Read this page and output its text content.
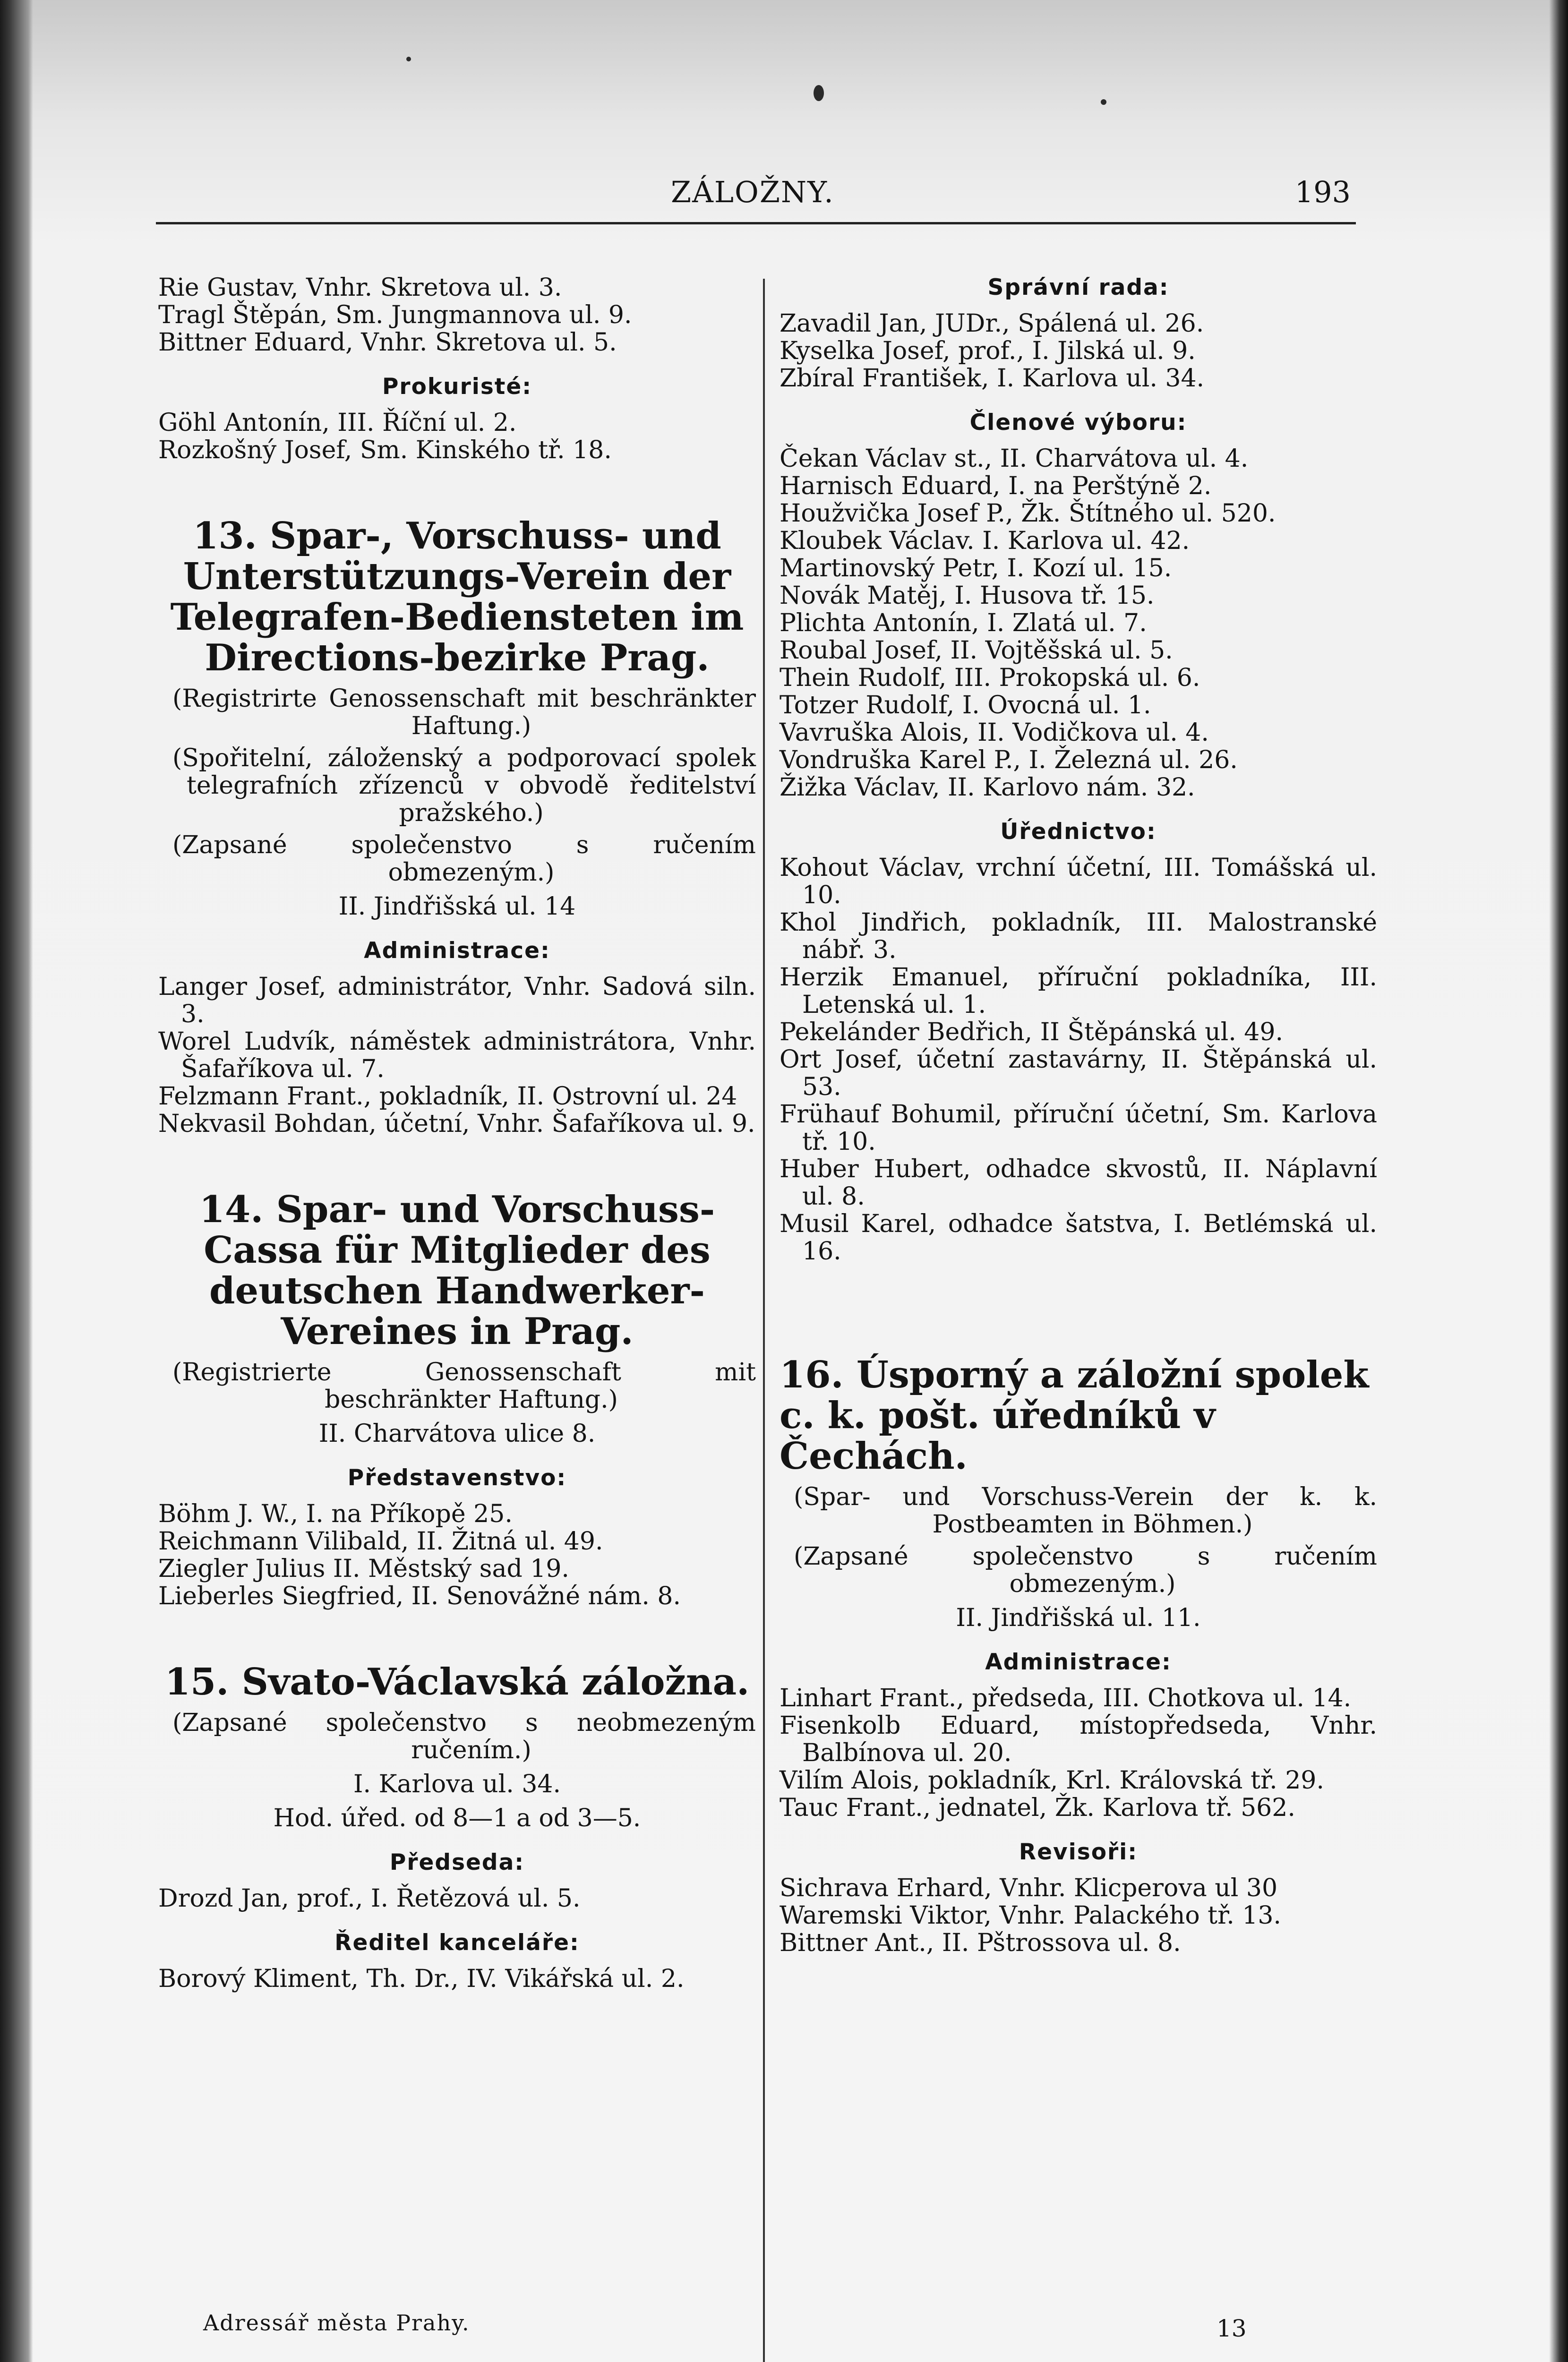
ZÁLOŽNY.	193

Rie Gustav, Vnhr. Skretova ul. 3.

Tragl Štěpán, Sm. Jungmannova ul. 9.

Bittner Eduard, Vnhr. Skretova ul. 5.

Prokuristé:

Göhl Antonín, III. Říční ul. 2.

Rozkošný Josef, Sm. Kinského tř. 18.

13. Spar-, Vorschuss- und Unterstützungs-Verein der Telegrafen-Bediensteten im Directions-bezirke Prag.

(Registrirte Genossenschaft mit beschränkter Haftung.)

(Spořitelní, záloženský a podporovací spolek telegrafních zřízenců v obvodě ředitelství pražského.)

(Zapsané společenstvo s ručením obmezeným.)

II. Jindřišská ul. 14

Administrace:

Langer Josef, administrátor, Vnhr. Sadová siln. 3.

Worel Ludvík, náměstek administrátora, Vnhr. Šafaříkova ul. 7.

Felzmann Frant., pokladník, II. Ostrovní ul. 24

Nekvasil Bohdan, účetní, Vnhr. Šafaříkova ul. 9.

14. Spar- und Vorschuss-Cassa für Mitglieder des deutschen Handwerker-Vereines in Prag.

(Registrierte Genossenschaft mit beschränkter Haftung.)

II. Charvátova ulice 8.

Představenstvo:

Böhm J. W., I. na Příkopě 25.

Reichmann Vilibald, II. Žitná ul. 49.

Ziegler Julius II. Městský sad 19.

Lieberles Siegfried, II. Senovážné nám. 8.

15. Svato-Václavská záložna.

(Zapsané společenstvo s neobmezeným ručením.)

I. Karlova ul. 34.

Hod. úřed. od 8—1 a od 3—5.

Předseda:

Drozd Jan, prof., I. Řetězová ul. 5.

Ředitel kanceláře:

Borový Kliment, Th. Dr., IV. Vikářská ul. 2.

Správní rada:

Zavadil Jan, JUDr., Spálená ul. 26.

Kyselka Josef, prof., I. Jilská ul. 9.

Zbíral František, I. Karlova ul. 34.

Členové výboru:

Čekan Václav st., II. Charvátova ul. 4.

Harnisch Eduard, I. na Perštýně 2.

Houžvička Josef P., Žk. Štítného ul. 520.

Kloubek Václav. I. Karlova ul. 42.

Martinovský Petr, I. Kozí ul. 15.

Novák Matěj, I. Husova tř. 15.

Plichta Antonín, I. Zlatá ul. 7.

Roubal Josef, II. Vojtěšská ul. 5.

Thein Rudolf, III. Prokopská ul. 6.

Totzer Rudolf, I. Ovocná ul. 1.

Vavruška Alois, II. Vodičkova ul. 4.

Vondruška Karel P., I. Železná ul. 26.

Žižka Václav, II. Karlovo nám. 32.

Úřednictvo:

Kohout Václav, vrchní účetní, III. Tomášská ul. 10.

Khol Jindřich, pokladník, III. Malostranské nábř. 3.

Herzik Emanuel, příruční pokladníka, III. Letenská ul. 1.

Pekelánder Bedřich, II Štěpánská ul. 49.

Ort Josef, účetní zastavárny, II. Štěpánská ul. 53.

Frühauf Bohumil, příruční účetní, Sm. Karlova tř. 10.

Huber Hubert, odhadce skvostů, II. Náplavní ul. 8.

Musil Karel, odhadce šatstva, I. Betlémská ul. 16.

16. Úsporný a záložní spolek c. k. pošt. úředníků v Čechách.

(Spar- und Vorschuss-Verein der k. k. Postbeamten in Böhmen.)

(Zapsané společenstvo s ručením obmezeným.)

II. Jindřišská ul. 11.

Administrace:

Linhart Frant., předseda, III. Chotkova ul. 14.

Fisenkolb Eduard, místopředseda, Vnhr. Balbínova ul. 20.

Vilím Alois, pokladník, Krl. Královská tř. 29.

Tauc Frant., jednatel, Žk. Karlova tř. 562.

Revisoři:

Sichrava Erhard, Vnhr. Klicperova ul 30

Waremski Viktor, Vnhr. Palackého tř. 13.

Bittner Ant., II. Pštrossova ul. 8.

Adressář města Prahy.	13
